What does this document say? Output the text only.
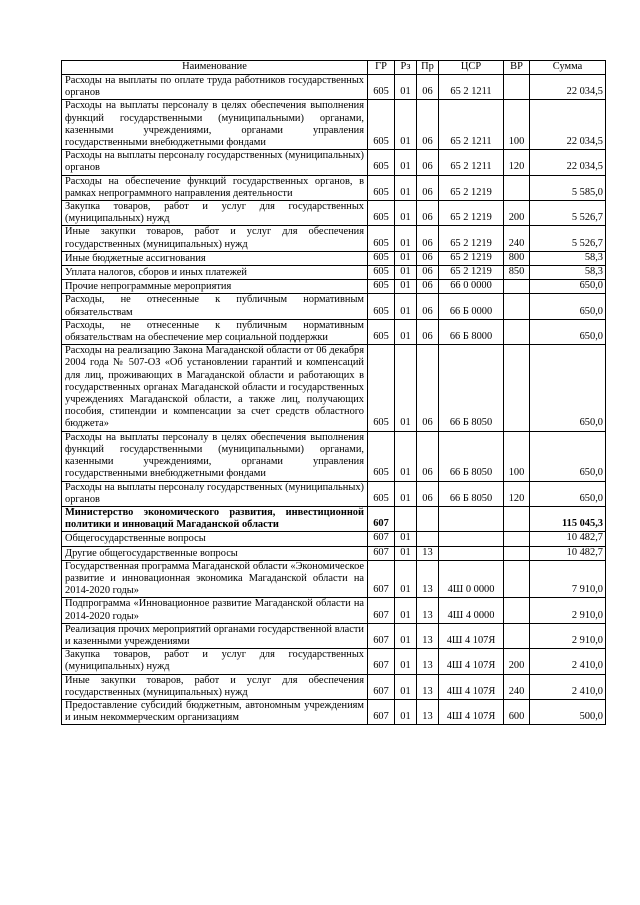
Наименование	ГР	Рз	Пр	ЦСР	ВР	Сумма
Расходы на выплаты по оплате труда работников государственных органов	605	01	06	65 2 1211		22 034,5
Расходы на выплаты персоналу в целях обеспечения выполнения функций государственными (муниципальными) органами, казенными учреждениями, органами управления государственными внебюджетными фондами	605	01	06	65 2 1211	100	22 034,5
Расходы на выплаты персоналу государственных (муниципальных) органов	605	01	06	65 2 1211	120	22 034,5
Расходы на обеспечение функций государственных органов, в рамках непрограммного направления деятельности	605	01	06	65 2 1219		5 585,0
Закупка товаров, работ и услуг для государственных (муниципальных) нужд	605	01	06	65 2 1219	200	5 526,7
Иные закупки товаров, работ и услуг для обеспечения государственных (муниципальных) нужд	605	01	06	65 2 1219	240	5 526,7
Иные бюджетные ассигнования	605	01	06	65 2 1219	800	58,3
Уплата налогов, сборов и иных платежей	605	01	06	65 2 1219	850	58,3
Прочие непрограммные мероприятия	605	01	06	66 0 0000		650,0
Расходы, не отнесенные к публичным нормативным обязательствам	605	01	06	66 Б 0000		650,0
Расходы, не отнесенные к публичным нормативным обязательствам на обеспечение мер социальной поддержки	605	01	06	66 Б 8000		650,0
Расходы на реализацию Закона Магаданской области от 06 декабря 2004 года № 507-ОЗ «Об установлении гарантий и компенсаций для лиц, проживающих в Магаданской области и работающих в государственных органах Магаданской области и государственных учреждениях Магаданской области, а также лиц, получающих пособия, стипендии и компенсации за счет средств областного бюджета»	605	01	06	66 Б 8050		650,0
Расходы на выплаты персоналу в целях обеспечения выполнения функций государственными (муниципальными) органами, казенными учреждениями, органами управления государственными внебюджетными фондами	605	01	06	66 Б 8050	100	650,0
Расходы на выплаты персоналу государственных (муниципальных) органов	605	01	06	66 Б 8050	120	650,0
Министерство экономического развития, инвестиционной политики и инноваций Магаданской области	607					115 045,3
Общегосударственные вопросы	607	01				10 482,7
Другие общегосударственные вопросы	607	01	13			10 482,7
Государственная программа Магаданской области «Экономическое развитие и инновационная экономика Магаданской области на 2014-2020 годы»	607	01	13	4Ш 0 0000		7 910,0
Подпрограмма «Инновационное развитие Магаданской области на 2014-2020 годы»	607	01	13	4Ш 4 0000		2 910,0
Реализация прочих мероприятий органами государственной власти и казенными учреждениями	607	01	13	4Ш 4 107Я		2 910,0
Закупка товаров, работ и услуг для государственных (муниципальных) нужд	607	01	13	4Ш 4 107Я	200	2 410,0
Иные закупки товаров, работ и услуг для обеспечения государственных (муниципальных) нужд	607	01	13	4Ш 4 107Я	240	2 410,0
Предоставление субсидий бюджетным, автономным учреждениям и иным некоммерческим организациям	607	01	13	4Ш 4 107Я	600	500,0
